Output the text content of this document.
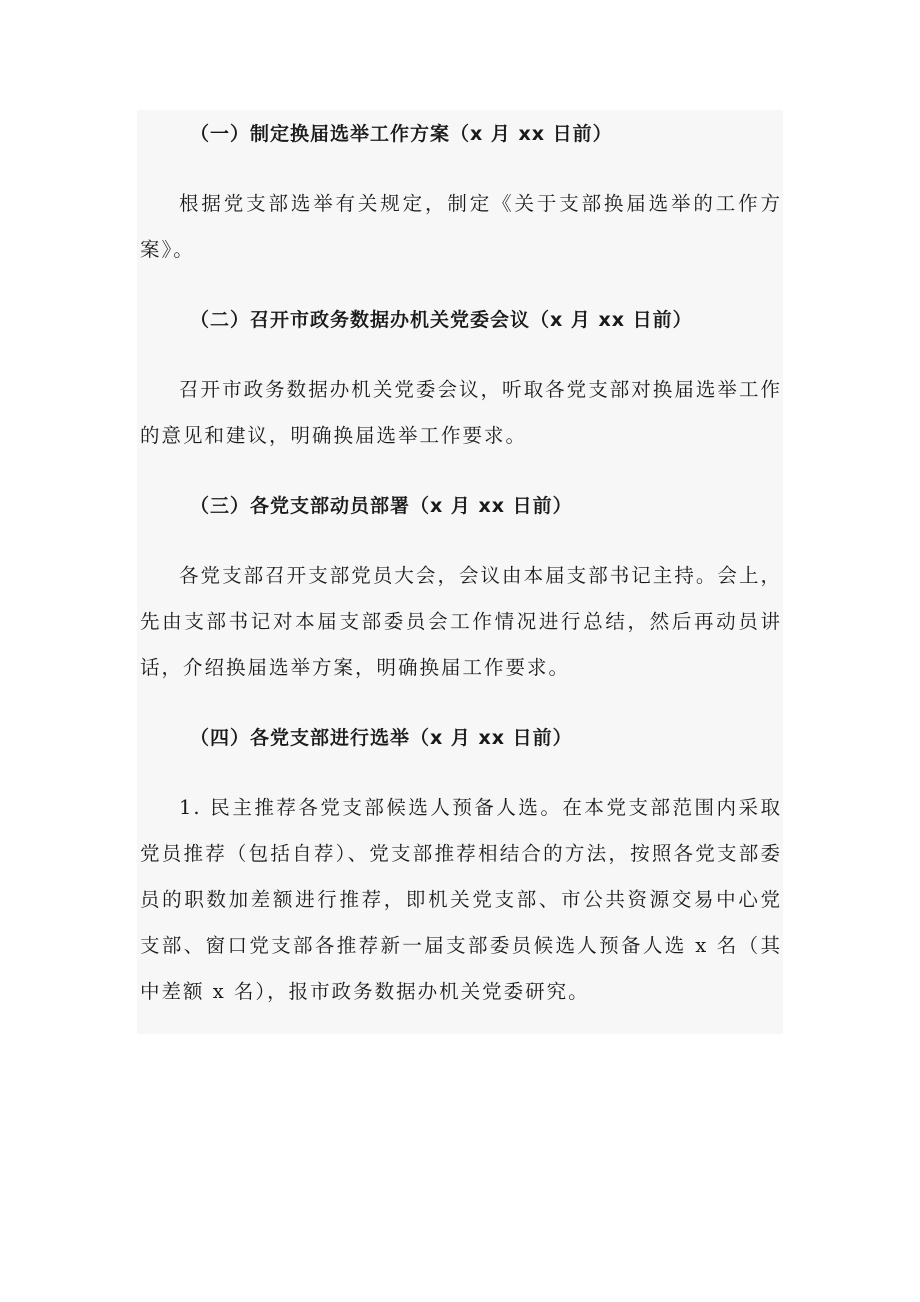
（一）制定换届选举工作方案（x 月 xx 日前）

根据党支部选举有关规定，制定《关于支部换届选举的工作方案》。

（二）召开市政务数据办机关党委会议（x 月 xx 日前）

召开市政务数据办机关党委会议，听取各党支部对换届选举工作的意见和建议，明确换届选举工作要求。

（三）各党支部动员部署（x 月 xx 日前）

各党支部召开支部党员大会，会议由本届支部书记主持。会上，先由支部书记对本届支部委员会工作情况进行总结，然后再动员讲话，介绍换届选举方案，明确换届工作要求。

（四）各党支部进行选举（x 月 xx 日前）

1. 民主推荐各党支部候选人预备人选。在本党支部范围内采取党员推荐（包括自荐）、党支部推荐相结合的方法，按照各党支部委员的职数加差额进行推荐，即机关党支部、市公共资源交易中心党支部、窗口党支部各推荐新一届支部委员候选人预备人选 x 名（其中差额 x 名），报市政务数据办机关党委研究。
